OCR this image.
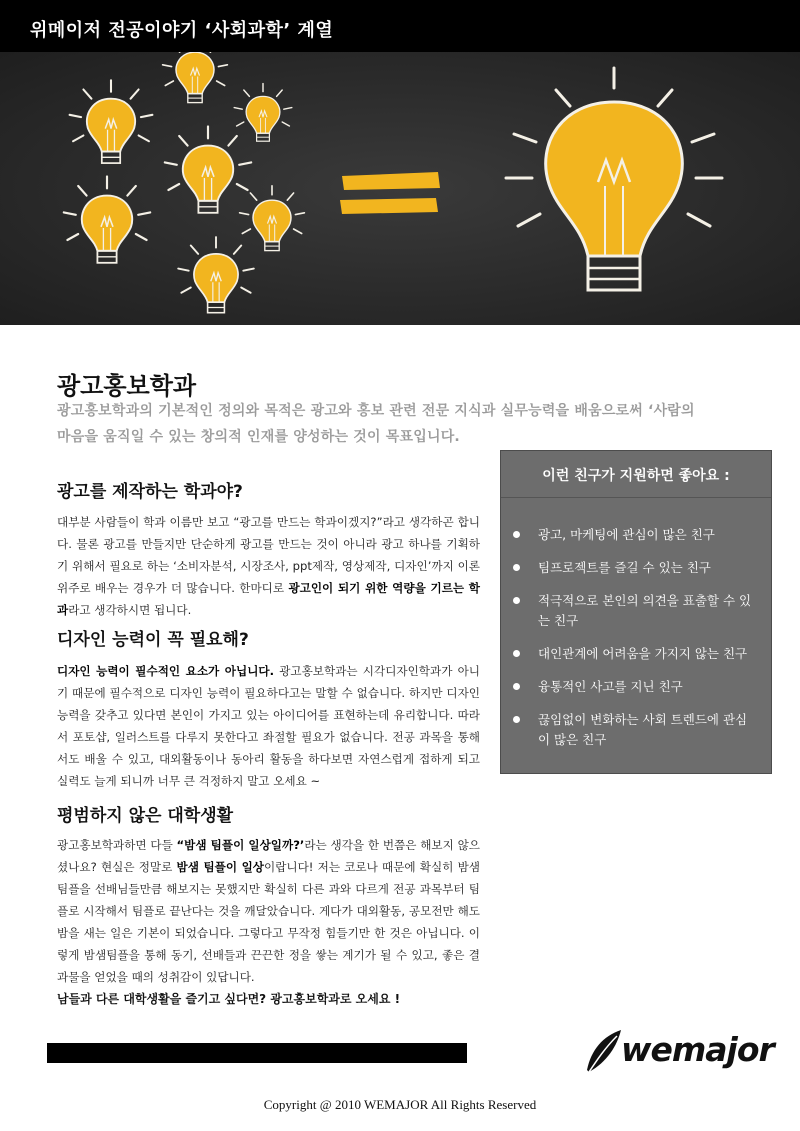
위메이저 전공이야기 ‘사회과학’ 계열
광고홍보학과
광고홍보학과의 기본적인 정의와 목적은 광고와 홍보 관련 전문 지식과 실무능력을 배움으로써 ‘사람의 마음을 움직일 수 있는 창의적 인재를 양성하는 것이 목표입니다.
광고를 제작하는 학과야?
대부분 사람들이 학과 이름만 보고 “광고를 만드는 학과이겠지?”라고 생각하곤 합니다. 물론 광고를 만들지만 단순하게 광고를 만드는 것이 아니라 광고 하나를 기획하기 위해서 필요로 하는 ‘소비자분석, 시장조사, ppt제작, 영상제작, 디자인’까지 이론 위주로 배우는 경우가 더 많습니다. 한마디로 광고인이 되기 위한 역량을 기르는 학과라고 생각하시면 됩니다.
디자인 능력이 꼭 필요해?
디자인 능력이 필수적인 요소가 아닙니다. 광고홍보학과는 시각디자인학과가 아니기 때문에 필수적으로 디자인 능력이 필요하다고는 말할 수 없습니다. 하지만 디자인 능력을 갖추고 있다면 본인이 가지고 있는 아이디어를 표현하는데 유리합니다. 따라서 포토샵, 일러스트를 다루지 못한다고 좌절할 필요가 없습니다. 전공 과목을 통해서도 배울 수 있고, 대외활동이나 동아리 활동을 하다보면 자연스럽게 접하게 되고 실력도 늘게 되니까 너무 큰 걱정하지 말고 오세요 ~
평범하지 않은 대학생활
광고홍보학과하면 다들 “밤샘 팀플이 일상일까?’라는 생각을 한 번쯤은 해보지 않으셨나요? 현실은 정말로 밤샘 팀플이 일상이랍니다! 저는 코로나 때문에 확실히 밤샘 팀플을 선배님들만큼 해보지는 못했지만 확실히 다른 과와 다르게 전공 과목부터 팀플로 시작해서 팀플로 끝난다는 것을 깨달았습니다. 게다가 대외활동, 공모전만 해도 밤을 새는 일은 기본이 되었습니다. 그렇다고 무작정 힘들기만 한 것은 아닙니다. 이렇게 밤샘팀플을 통해 동기, 선배들과 끈끈한 정을 쌓는 계기가 될 수 있고, 좋은 결과물을 얻었을 때의 성취감이 있답니다.
남들과 다른 대학생활을 즐기고 싶다면? 광고홍보학과로 오세요 !
이런 친구가 지원하면 좋아요 :
광고, 마케팅에 관심이 많은 친구
팀프로젝트를 즐길 수 있는 친구
적극적으로 본인의 의견을 표출할 수 있는 친구
대인관계에 어려움을 가지지 않는 친구
융통적인 사고를 지닌 친구
끊임없이 변화하는 사회 트렌드에 관심이 많은 친구
wemajor
Copyright @ 2010 WEMAJOR All Rights Reserved
